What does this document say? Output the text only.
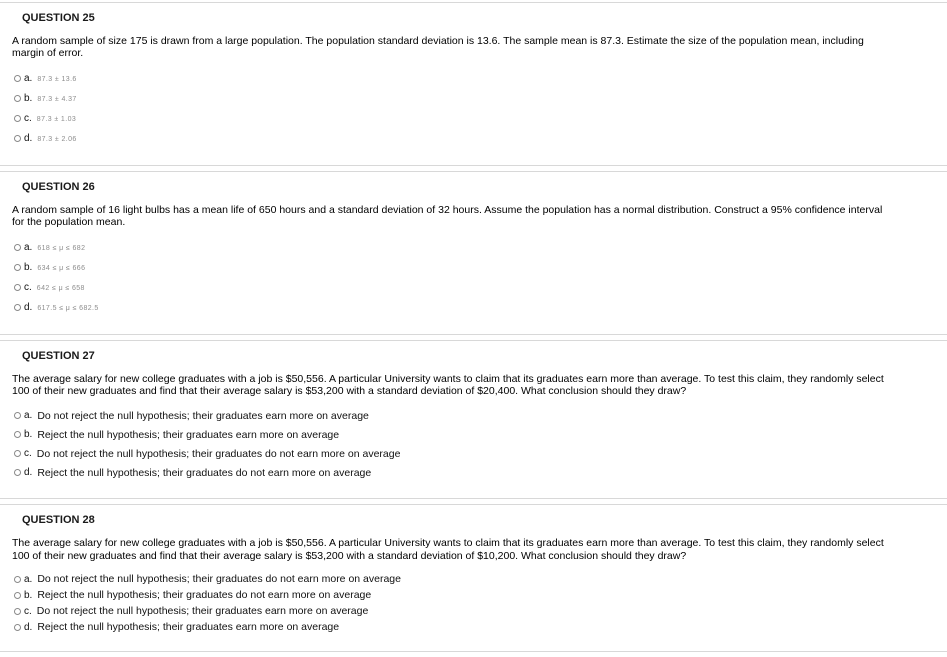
QUESTION 25

A random sample of size 175 is drawn from a large population. The population standard deviation is 13.6. The sample mean is 87.3. Estimate the size of the population mean, including margin of error.

a. 87.3 ± 13.6
b. 87.3 ± 4.37
c. 87.3 ± 1.03
d. 87.3 ± 2.06
QUESTION 26

A random sample of 16 light bulbs has a mean life of 650 hours and a standard deviation of 32 hours. Assume the population has a normal distribution. Construct a 95% confidence interval for the population mean.

a. 618 ≤ μ ≤ 682
b. 634 ≤ μ ≤ 666
c. 642 ≤ μ ≤ 658
d. 617.5 ≤ μ ≤ 682.5
QUESTION 27

The average salary for new college graduates with a job is $50,556. A particular University wants to claim that its graduates earn more than average. To test this claim, they randomly select 100 of their new graduates and find that their average salary is $53,200 with a standard deviation of $20,400. What conclusion should they draw?

a. Do not reject the null hypothesis; their graduates earn more on average
b. Reject the null hypothesis; their graduates earn more on average
c. Do not reject the null hypothesis; their graduates do not earn more on average
d. Reject the null hypothesis; their graduates do not earn more on average
QUESTION 28

The average salary for new college graduates with a job is $50,556. A particular University wants to claim that its graduates earn more than average. To test this claim, they randomly select 100 of their new graduates and find that their average salary is $53,200 with a standard deviation of $10,200. What conclusion should they draw?

a. Do not reject the null hypothesis; their graduates do not earn more on average
b. Reject the null hypothesis; their graduates do not earn more on average
c. Do not reject the null hypothesis; their graduates earn more on average
d. Reject the null hypothesis; their graduates earn more on average
